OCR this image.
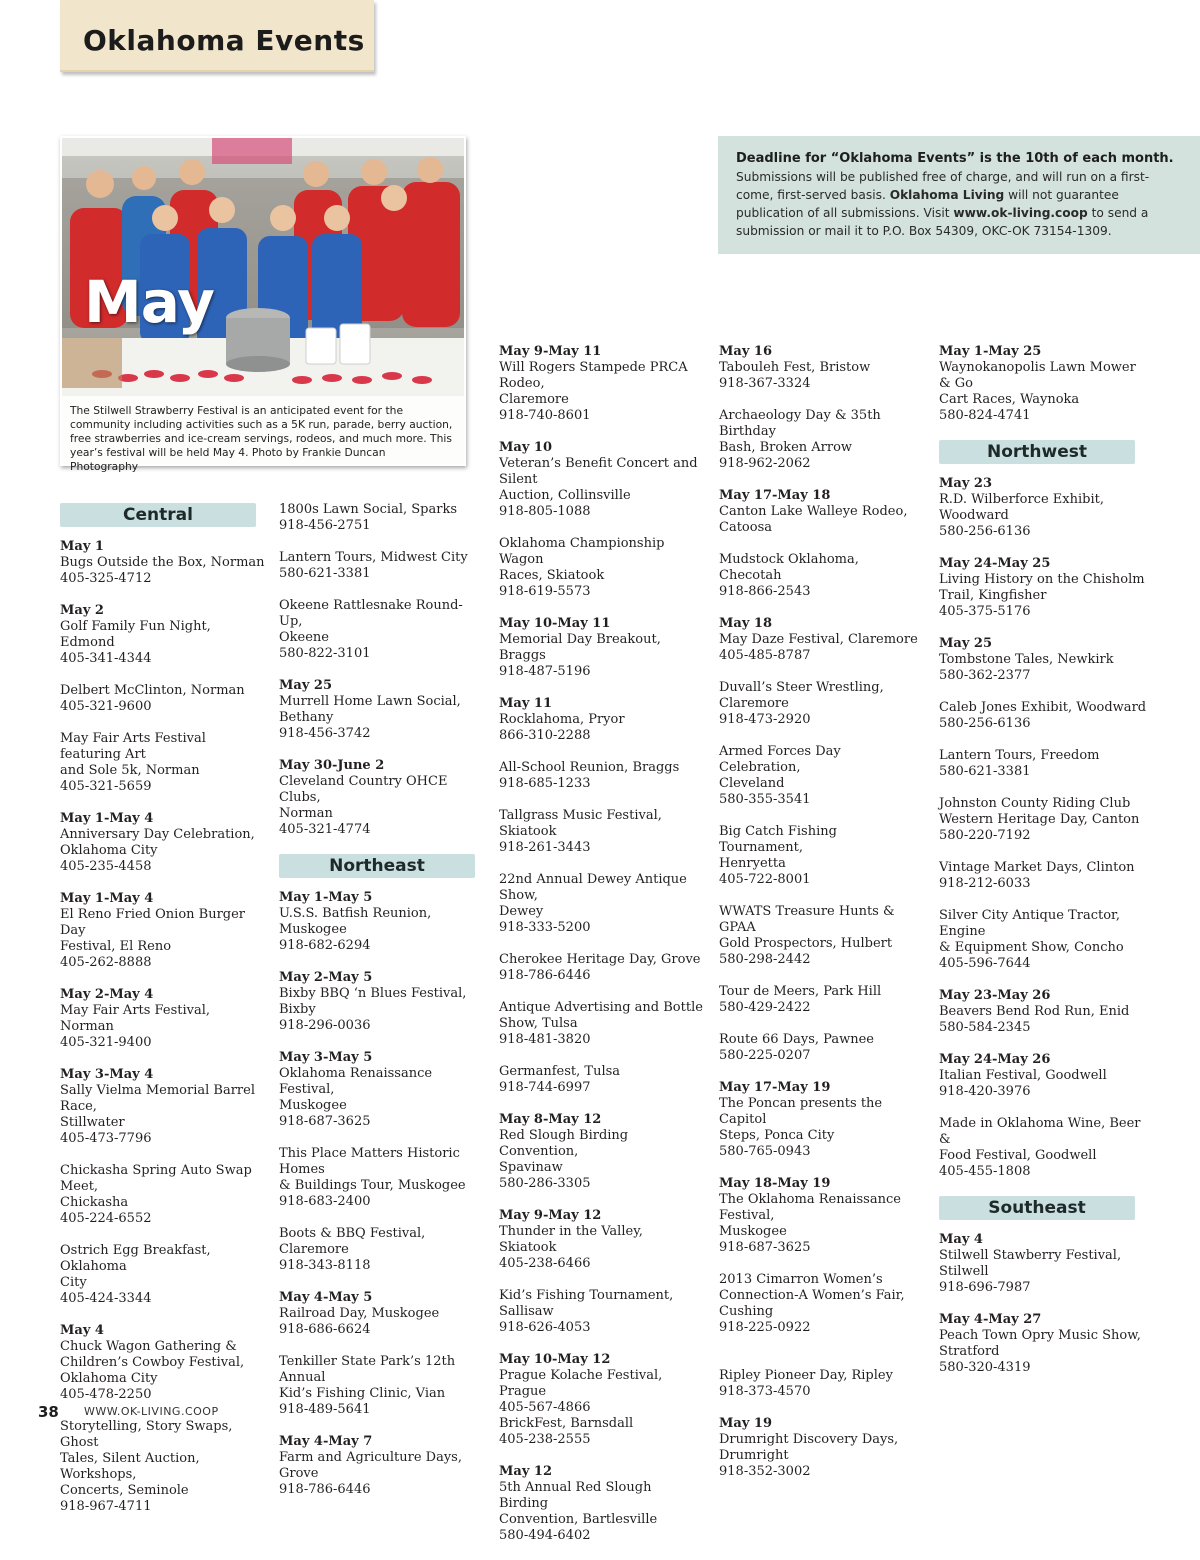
Oklahoma Events
The Stilwell Strawberry Festival is an anticipated event for the community including activities such as a 5K run, parade, berry auction, free strawberries and ice-cream servings, rodeos, and much more. This year’s festival will be held May 4. Photo by Frankie Duncan Photography
May
Deadline for “Oklahoma Events” is the 10th of each month.
Submissions will be published free of charge, and will run on a first-come, first-served basis. Oklahoma Living will not guarantee publication of all submissions. Visit www.ok-living.coop to send a submission or mail it to P.O. Box 54309, OKC-OK 73154-1309.
Central
May 1
Bugs Outside the Box, Norman
405-325-4712
May 2
Golf Family Fun Night, Edmond
405-341-4344
Delbert McClinton, Norman
405-321-9600
May Fair Arts Festival featuring Art
and Sole 5k, Norman
405-321-5659
May 1-May 4
Anniversary Day Celebration,
Oklahoma City
405-235-4458
May 1-May 4
El Reno Fried Onion Burger Day
Festival, El Reno
405-262-8888
May 2-May 4
May Fair Arts Festival, Norman
405-321-9400
May 3-May 4
Sally Vielma Memorial Barrel Race,
Stillwater
405-473-7796
Chickasha Spring Auto Swap Meet,
Chickasha
405-224-6552
Ostrich Egg Breakfast, Oklahoma
City
405-424-3344
May 4
Chuck Wagon Gathering &
Children’s Cowboy Festival,
Oklahoma City
405-478-2250
Storytelling, Story Swaps, Ghost
Tales, Silent Auction, Workshops,
Concerts, Seminole
918-967-4711
1800s Lawn Social, Sparks
918-456-2751
Lantern Tours, Midwest City
580-621-3381
Okeene Rattlesnake Round-Up,
Okeene
580-822-3101
May 25
Murrell Home Lawn Social, Bethany
918-456-3742
May 30-June 2
Cleveland Country OHCE Clubs,
Norman
405-321-4774
Northeast
May 1-May 5
U.S.S. Batfish Reunion, Muskogee
918-682-6294
May 2-May 5
Bixby BBQ ‘n Blues Festival, Bixby
918-296-0036
May 3-May 5
Oklahoma Renaissance Festival,
Muskogee
918-687-3625
This Place Matters Historic Homes
& Buildings Tour, Muskogee
918-683-2400
Boots & BBQ Festival, Claremore
918-343-8118
May 4-May 5
Railroad Day, Muskogee
918-686-6624
Tenkiller State Park’s 12th Annual
Kid’s Fishing Clinic, Vian
918-489-5641
May 4-May 7
Farm and Agriculture Days, Grove
918-786-6446
May 9-May 11
Will Rogers Stampede PRCA Rodeo,
Claremore
918-740-8601
May 10
Veteran’s Benefit Concert and Silent
Auction, Collinsville
918-805-1088
Oklahoma Championship Wagon
Races, Skiatook
918-619-5573
May 10-May 11
Memorial Day Breakout, Braggs
918-487-5196
May 11
Rocklahoma, Pryor
866-310-2288
All-School Reunion, Braggs
918-685-1233
Tallgrass Music Festival, Skiatook
918-261-3443
22nd Annual Dewey Antique Show,
Dewey
918-333-5200
Cherokee Heritage Day, Grove
918-786-6446
Antique Advertising and Bottle
Show, Tulsa
918-481-3820
Germanfest, Tulsa
918-744-6997
May 8-May 12
Red Slough Birding Convention,
Spavinaw
580-286-3305
May 9-May 12
Thunder in the Valley, Skiatook
405-238-6466
Kid’s Fishing Tournament, Sallisaw
918-626-4053
May 10-May 12
Prague Kolache Festival, Prague
405-567-4866
BrickFest, Barnsdall
405-238-2555
May 12
5th Annual Red Slough Birding
Convention, Bartlesville
580-494-6402
May 16
Tabouleh Fest, Bristow
918-367-3324
Archaeology Day & 35th Birthday
Bash, Broken Arrow
918-962-2062
May 17-May 18
Canton Lake Walleye Rodeo,
Catoosa
Mudstock Oklahoma, Checotah
918-866-2543
May 18
May Daze Festival, Claremore
405-485-8787
Duvall’s Steer Wrestling, Claremore
918-473-2920
Armed Forces Day Celebration,
Cleveland
580-355-3541
Big Catch Fishing Tournament,
Henryetta
405-722-8001
WWATS Treasure Hunts & GPAA
Gold Prospectors, Hulbert
580-298-2442
Tour de Meers, Park Hill
580-429-2422
Route 66 Days, Pawnee
580-225-0207
May 17-May 19
The Poncan presents the Capitol
Steps, Ponca City
580-765-0943
May 18-May 19
The Oklahoma Renaissance Festival,
Muskogee
918-687-3625
2013 Cimarron Women’s
Connection-A Women’s Fair,
Cushing
918-225-0922
Ripley Pioneer Day, Ripley
918-373-4570
May 19
Drumright Discovery Days,
Drumright
918-352-3002
May 1-May 25
Waynokanopolis Lawn Mower & Go
Cart Races, Waynoka
580-824-4741
Northwest
May 23
R.D. Wilberforce Exhibit,
Woodward
580-256-6136
May 24-May 25
Living History on the Chisholm
Trail, Kingfisher
405-375-5176
May 25
Tombstone Tales, Newkirk
580-362-2377
Caleb Jones Exhibit, Woodward
580-256-6136
Lantern Tours, Freedom
580-621-3381
Johnston County Riding Club
Western Heritage Day, Canton
580-220-7192
Vintage Market Days, Clinton
918-212-6033
Silver City Antique Tractor, Engine
& Equipment Show, Concho
405-596-7644
May 23-May 26
Beavers Bend Rod Run, Enid
580-584-2345
May 24-May 26
Italian Festival, Goodwell
918-420-3976
Made in Oklahoma Wine, Beer &
Food Festival, Goodwell
405-455-1808
Southeast
May 4
Stilwell Stawberry Festival, Stilwell
918-696-7987
May 4-May 27
Peach Town Opry Music Show,
Stratford
580-320-4319
38 WWW.OK-LIVING.COOP
